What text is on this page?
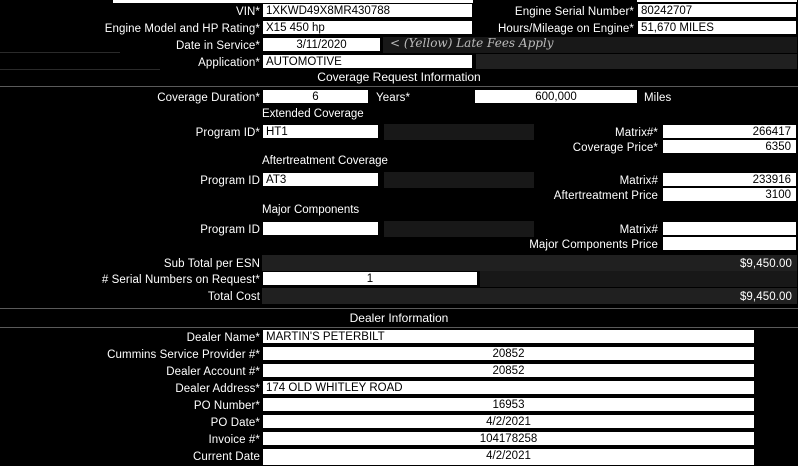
VIN* 1XKWD49X8MR430788	Engine Serial Number* 80242707
Engine Model and HP Rating* X15 450 hp	Hours/Mileage on Engine* 51,670 MILES
Date in Service*	3/11/2020	< (Yellow) Late Fees Apply
Application* AUTOMOTIVE
Coverage Request Information
Coverage Duration*	6	Years*	600,000	Miles
Extended Coverage
Program ID* HT1	Matrix#*	266417
Coverage Price*	6350
Aftertreatment Coverage
Program ID AT3	Matrix#	233916
Aftertreatment Price	3100
Major Components
Program ID	Matrix#
Major Components Price
Sub Total per ESN	$9,450.00
# Serial Numbers on Request*	1
Total Cost	$9,450.00
Dealer Information
Dealer Name* MARTIN'S PETERBILT
Cummins Service Provider #*	20852
Dealer Account #*	20852
Dealer Address* 174 OLD WHITLEY ROAD
PO Number*	16953
PO Date*	4/2/2021
Invoice #*	104178258
Current Date	4/2/2021
